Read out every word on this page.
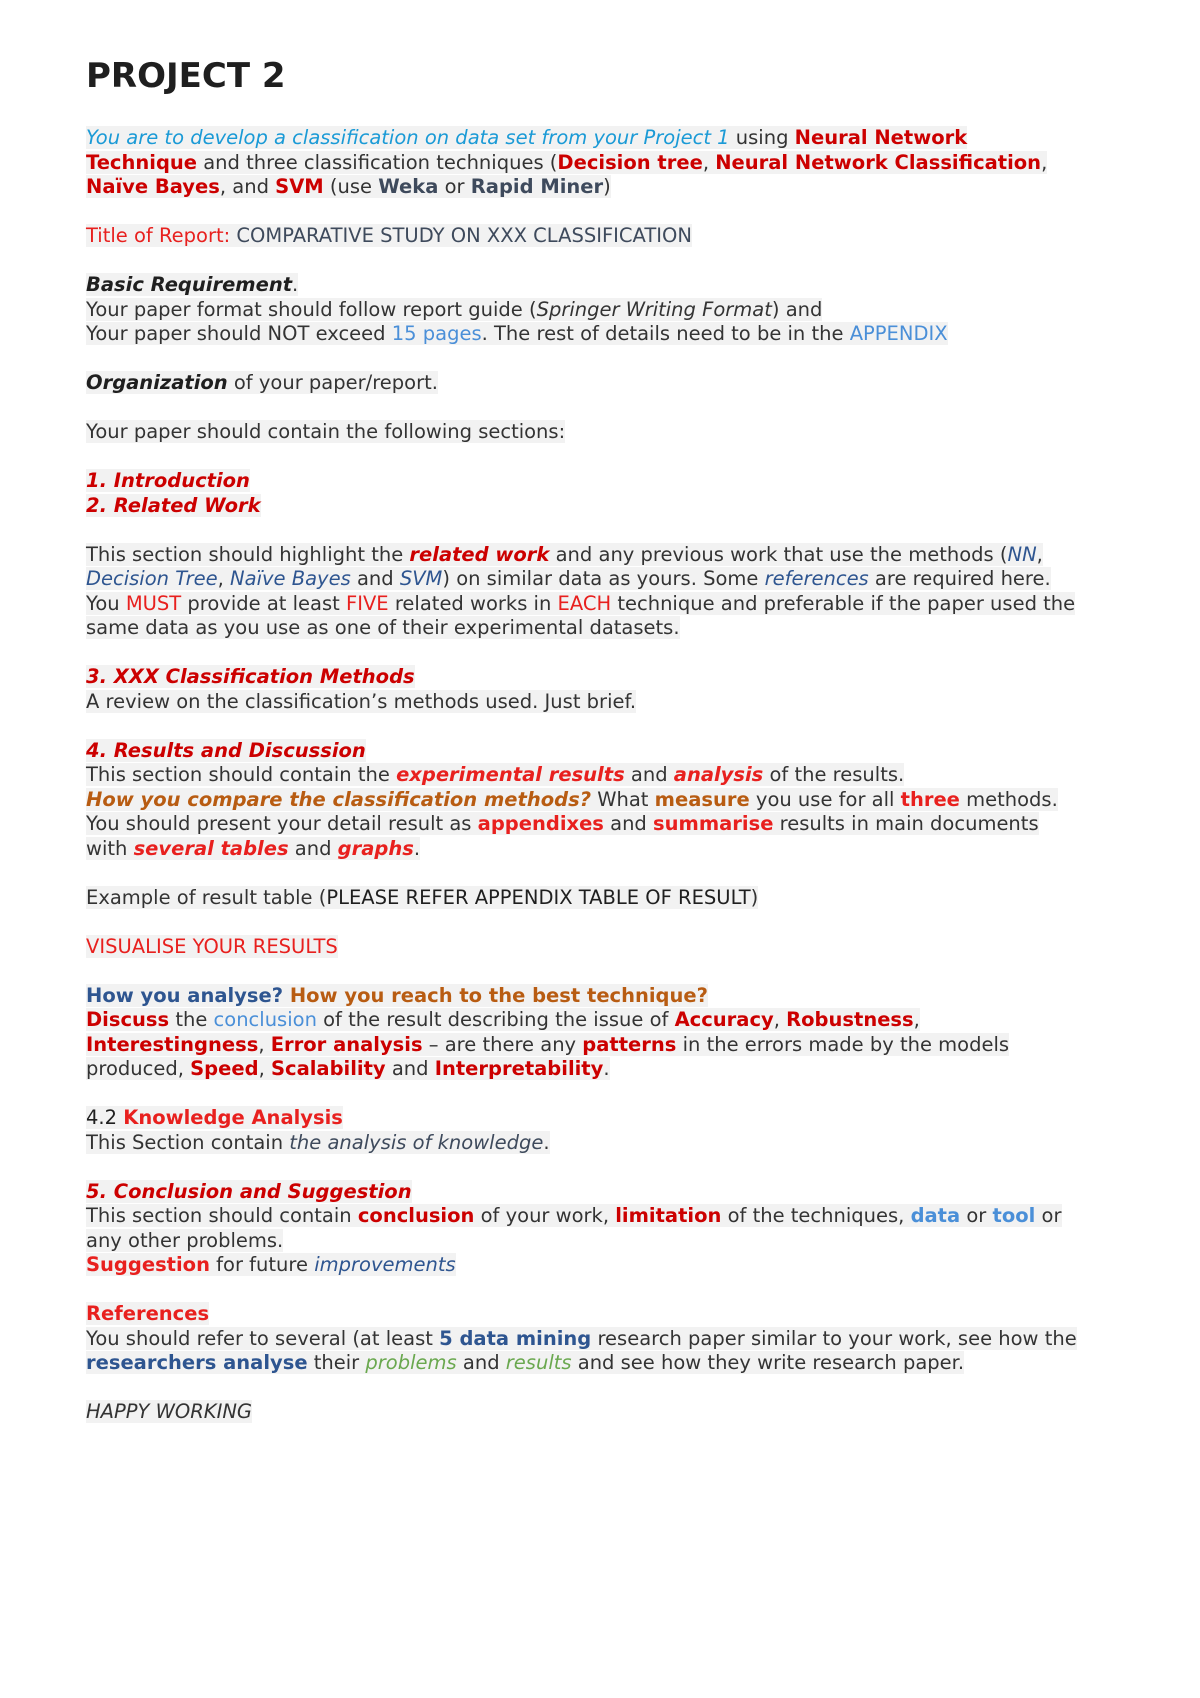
PROJECT 2

You are to develop a classification on data set from your Project 1 using Neural Network Technique and three classification techniques (Decision tree, Neural Network Classification, Naïve Bayes, and SVM (use Weka or Rapid Miner)

Title of Report: COMPARATIVE STUDY ON XXX CLASSIFICATION

Basic Requirement.
Your paper format should follow report guide (Springer Writing Format) and
Your paper should NOT exceed 15 pages. The rest of details need to be in the APPENDIX

Organization of your paper/report.

Your paper should contain the following sections:

1. Introduction
2. Related Work

This section should highlight the related work and any previous work that use the methods (NN, Decision Tree, Naïve Bayes and SVM) on similar data as yours. Some references are required here. You MUST provide at least FIVE related works in EACH technique and preferable if the paper used the same data as you use as one of their experimental datasets.

3. XXX Classification Methods
A review on the classification’s methods used. Just brief.
4. Results and Discussion
This section should contain the experimental results and analysis of the results.
How you compare the classification methods? What measure you use for all three methods.
You should present your detail result as appendixes and summarise results in main documents with several tables and graphs.

Example of result table (PLEASE REFER APPENDIX TABLE OF RESULT)

VISUALISE YOUR RESULTS

How you analyse? How you reach to the best technique?
Discuss the conclusion of the result describing the issue of Accuracy, Robustness, Interestingness, Error analysis – are there any patterns in the errors made by the models produced, Speed, Scalability and Interpretability.

4.2 Knowledge Analysis
This Section contain the analysis of knowledge.
5. Conclusion and Suggestion
This section should contain conclusion of your work, limitation of the techniques, data or tool or any other problems.
Suggestion for future improvements
References
You should refer to several (at least 5 data mining research paper similar to your work, see how the researchers analyse their problems and results and see how they write research paper.

HAPPY WORKING
